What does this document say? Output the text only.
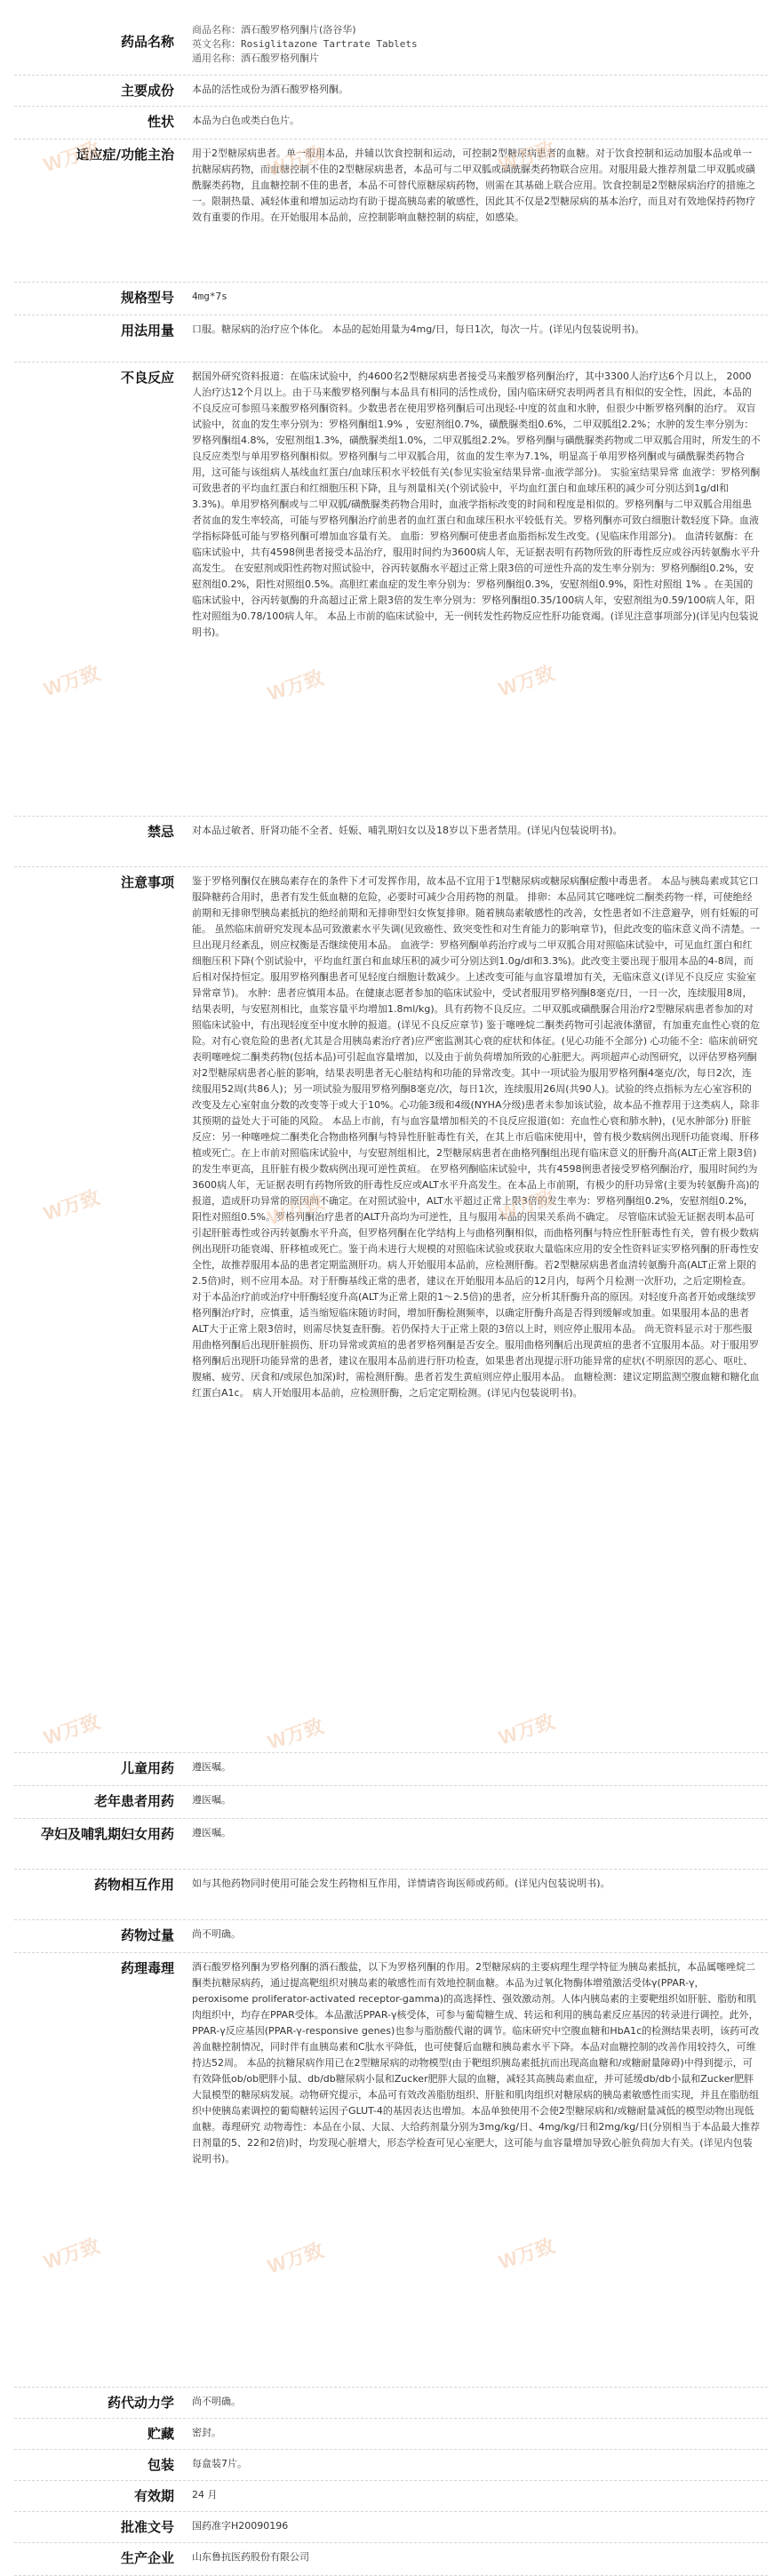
药品名称
商品名称：酒石酸罗格列酮片(洛谷华)
英文名称：Rosiglitazone Tartrate Tablets
通用名称：酒石酸罗格列酮片
主要成份	本品的活性成份为酒石酸罗格列酮。
性状	本品为白色或类白色片。
适应症/功能主治	用于2型糖尿病患者。单一服用本品，并辅以饮食控制和运动，可控制2型糖尿病患者的血糖。对于饮食控制和运动加服本品或单一抗糖尿病药物，而血糖控制不佳的2型糖尿病患者，本品可与二甲双胍或磺酰脲类药物联合应用。对服用最大推荐剂量二甲双胍或磺酰脲类药物，且血糖控制不佳的患者，本品不可替代原糖尿病药物，则需在其基础上联合应用。饮食控制是2型糖尿病治疗的措施之一。限制热量、减轻体重和增加运动均有助于提高胰岛素的敏感性，因此其不仅是2型糖尿病的基本治疗，而且对有效地保持药物疗效有重要的作用。在开始服用本品前，应控制影响血糖控制的病症，如感染。
规格型号	4mg*7s
用法用量	口服。糖尿病的治疗应个体化。 本品的起始用量为4mg/日，每日1次，每次一片。(详见内包装说明书)。
不良反应	据国外研究资料报道：在临床试验中，约4600名2型糖尿病患者接受马来酸罗格列酮治疗，其中3300人治疗达6个月以上， 2000人治疗达12个月以上。由于马来酸罗格列酮与本品具有相同的活性成份，国内临床研究表明两者具有相似的安全性，因此，本品的不良反应可参照马来酸罗格列酮资料。少数患者在使用罗格列酮后可出现轻-中度的贫血和水肿，但很少中断罗格列酮的治疗。 双盲试验中，贫血的发生率分别为：罗格列酮组1.9% ，安慰剂组0.7%，磺酰脲类组0.6%，二甲双胍组2.2%；水肿的发生率分别为：罗格列酮组4.8%，安慰剂组1.3%，磺酰脲类组1.0%，二甲双胍组2.2%。罗格列酮与磺酰脲类药物或二甲双胍合用时，所发生的不良反应类型与单用罗格列酮相似。罗格列酮与二甲双胍合用，贫血的发生率为7.1%，明显高于单用罗格列酮或与磺酰脲类药物合用，这可能与该组病人基线血红蛋白/血球压积水平较低有关(参见实验室结果异常-血液学部分)。 实验室结果异常 血液学：罗格列酮可致患者的平均血红蛋白和红细胞压积下降，且与剂量相关(个别试验中，平均血红蛋白和血球压积的减少可分别达到1g/dl和3.3%)。单用罗格列酮或与二甲双胍/磺酰脲类药物合用时，血液学指标改变的时间和程度是相似的。罗格列酮与二甲双胍合用组患者贫血的发生率较高，可能与罗格列酮治疗前患者的血红蛋白和血球压积水平较低有关。罗格列酮亦可致白细胞计数轻度下降。血液学指标降低可能与罗格列酮可增加血容量有关。 血脂：罗格列酮可使患者血脂指标发生改变。(见临床作用部分)。 血清转氨酶：在临床试验中，共有4598例患者接受本品治疗，服用时间约为3600病人年，无证据表明有药物所致的肝毒性反应或谷丙转氨酶水平升高发生。 在安慰剂或阳性药物对照试验中，谷丙转氨酶水平超过正常上限3倍的可逆性升高的发生率分别为：罗格列酮组0.2%，安慰剂组0.2%，阳性对照组0.5%。高胆红素血症的发生率分别为：罗格列酮组0.3%，安慰剂组0.9%，阳性对照组 1% 。在美国的临床试验中，谷丙转氨酶的升高超过正常上限3倍的发生率分别为：罗格列酮组0.35/100病人年，安慰剂组为0.59/100病人年，阳性对照组为0.78/100病人年。 本品上市前的临床试验中，无一例转发性药物反应性肝功能衰竭。(详见注意事项部分)(详见内包装说明书)。
禁忌	对本品过敏者、肝肾功能不全者、妊娠、哺乳期妇女以及18岁以下患者禁用。(详见内包装说明书)。
注意事项	鉴于罗格列酮仅在胰岛素存在的条件下才可发挥作用，故本品不宜用于1型糖尿病或糖尿病酮症酸中毒患者。 本品与胰岛素或其它口服降糖药合用时，患者有发生低血糖的危险，必要时可减少合用药物的剂量。 排卵：本品同其它噻唑烷二酮类药物一样，可使绝经前期和无排卵型胰岛素抵抗的绝经前期和无排卵型妇女恢复排卵。随着胰岛素敏感性的改善，女性患者如不注意避孕，则有妊娠的可能。 虽然临床前研究发现本品可致激素水平失调(见致癌性、致突变性和对生育能力的影响章节)，但此改变的临床意义尚不清楚。一旦出现月经紊乱，则应权衡是否继续使用本品。 血液学：罗格列酮单药治疗或与二甲双胍合用对照临床试验中，可见血红蛋白和红细胞压积下降(个别试验中，平均血红蛋白和血球压积的减少可分别达到1.0g/dl和3.3%)。此改变主要出现于服用本品的4-8周，而后相对保持恒定。服用罗格列酮患者可见轻度白细胞计数减少。上述改变可能与血容量增加有关，无临床意义(详见不良反应 实验室异常章节)。 水肿：患者应慎用本品。在健康志愿者参加的临床试验中，受试者服用罗格列酮8毫克/日，一日一次，连续服用8周，结果表明，与安慰剂相比，血浆容量平均增加1.8ml/kg)。具有药物不良反应。二甲双胍或磺酰脲合用治疗2型糖尿病患者参加的对照临床试验中，有出现轻度至中度水肿的报道。(详见不良反应章节) 鉴于噻唑烷二酮类药物可引起液体潴留，有加重充血性心衰的危险。对有心衰危险的患者(尤其是合用胰岛素治疗者)应严密监测其心衰的症状和体征。(见心功能不全部分) 心功能不全：临床前研究表明噻唑烷二酮类药物(包括本品)可引起血容量增加，以及由于前负荷增加所致的心脏肥大。两项超声心动图研究，以评估罗格列酮对2型糖尿病患者心脏的影响，结果表明患者无心脏结构和功能的异常改变。其中一项试验为服用罗格列酮4毫克/次，每日2次，连续服用52周(共86人)；另一项试验为服用罗格列酮8毫克/次，每日1次，连续服用26周(共90人)。试验的终点指标为左心室容积的改变及左心室射血分数的改变等于或大于10%。心功能3级和4级(NYHA分级)患者未参加该试验，故本品不推荐用于这类病人，除非其预期的益处大于可能的风险。 本品上市前，有与血容量增加相关的不良反应报道(如：充血性心衰和肺水肿)，(见水肿部分) 肝脏反应：另一种噻唑烷二酮类化合物曲格列酮与特异性肝脏毒性有关，在其上市后临床使用中，曾有极少数病例出现肝功能衰竭、肝移植或死亡。在上市前对照临床试验中，与安慰剂组相比，2型糖尿病患者在曲格列酮组出现有临床意义的肝酶升高(ALT正常上限3倍)的发生率更高，且肝脏有极少数病例出现可逆性黄疸。 在罗格列酮临床试验中，共有4598例患者接受罗格列酮治疗，服用时间约为3600病人年，无证据表明有药物所致的肝毒性反应或ALT水平升高发生。在本品上市前期，有极少的肝功异常(主要为转氨酶升高)的报道，造成肝功异常的原因尚不确定。在对照试验中，ALT水平超过正常上限3倍的发生率为：罗格列酮组0.2%，安慰剂组0.2%，阳性对照组0.5%。罗格列酮治疗患者的ALT升高均为可逆性，且与服用本品的因果关系尚不确定。 尽管临床试验无证据表明本品可引起肝脏毒性或谷丙转氨酶水平升高，但罗格列酮在化学结构上与曲格列酮相似，而曲格列酮与特应性肝脏毒性有关，曾有极少数病例出现肝功能衰竭、肝移植或死亡。鉴于尚未进行大规模的对照临床试验或获取大量临床应用的安全性资料证实罗格列酮的肝毒性安全性，故推荐服用本品的患者定期监测肝功。病人开始服用本品前，应检测肝酶。若2型糖尿病患者血清转氨酶升高(ALT正常上限的2.5倍)时，则不应用本品。对于肝酶基线正常的患者，建议在开始服用本品后的12月内，每两个月检测一次肝功，之后定期检查。对于本品治疗前或治疗中肝酶轻度升高(ALT为正常上限的1～2.5倍)的患者，应分析其肝酶升高的原因。对轻度升高者开始或继续罗格列酮治疗时，应慎重，适当缩短临床随访时间，增加肝酶检测频率，以确定肝酶升高是否得到缓解或加重。如果服用本品的患者ALT大于正常上限3倍时，则需尽快复查肝酶。若仍保持大于正常上限的3倍以上时，则应停止服用本品。 尚无资料显示对于那些服用曲格列酮后出现肝脏损伤、肝功异常或黄疸的患者罗格列酮是否安全。服用曲格列酮后出现黄疸的患者不宜服用本品。对于服用罗格列酮后出现肝功能异常的患者，建议在服用本品前进行肝功检查，如果患者出现提示肝功能异常的症状(不明原因的恶心、呕吐、腹痛、疲劳、厌食和/或尿色加深)时，需检测肝酶。患者若发生黄疸则应停止服用本品。 血糖检测：建议定期监测空腹血糖和糖化血红蛋白A1c。 病人开始服用本品前，应检测肝酶，之后定定期检测。(详见内包装说明书)。
儿童用药	遵医嘱。
老年患者用药	遵医嘱。
孕妇及哺乳期妇女用药	遵医嘱。
药物相互作用	如与其他药物同时使用可能会发生药物相互作用，详情请咨询医师或药师。(详见内包装说明书)。
药物过量	尚不明确。
药理毒理	酒石酸罗格列酮为罗格列酮的酒石酸盐，以下为罗格列酮的作用。2型糖尿病的主要病理生理学特征为胰岛素抵抗，本品属噻唑烷二酮类抗糖尿病药，通过提高靶组织对胰岛素的敏感性而有效地控制血糖。本品为过氧化物酶体增殖激活受体γ(PPAR-γ，peroxisome proliferator-activated receptor-gamma)的高选择性、强效激动剂。人体内胰岛素的主要靶组织如肝脏、脂肪和肌肉组织中，均存在PPAR受体。本品激活PPAR-γ核受体，可参与葡萄糖生成、转运和利用的胰岛素反应基因的转录进行调控。此外，PPAR-γ反应基因(PPAR-γ-responsive genes)也参与脂肪酸代谢的调节。临床研究中空腹血糖和HbA1c的检测结果表明，该药可改善血糖控制情况，同时伴有血胰岛素和C肽水平降低，也可使餐后血糖和胰岛素水平下降。本品对血糖控制的改善作用较持久，可维持达52周。 本品的抗糖尿病作用已在2型糖尿病的动物模型(由于靶组织胰岛素抵抗而出现高血糖和/或糖耐量障碍)中得到提示，可有效降低ob/ob肥胖小鼠、db/db糖尿病小鼠和Zucker肥胖大鼠的血糖，减轻其高胰岛素血症，并可延缓db/db小鼠和Zucker肥胖大鼠模型的糖尿病发展。动物研究提示，本品可有效改善脂肪组织、肝脏和肌肉组织对糖尿病的胰岛素敏感性而实现，并且在脂肪组织中使胰岛素调控的葡萄糖转运因子GLUT-4的基因表达也增加。本品单独使用不会使2型糖尿病和/或糖耐量减低的模型动物出现低血糖。毒理研究 动物毒性：本品在小鼠、大鼠、大给药剂量分别为3mg/kg/日、4mg/kg/日和2mg/kg/日(分别相当于本品最大推荐日剂量的5、22和2倍)时，均发现心脏增大，形态学检查可见心室肥大，这可能与血容量增加导致心脏负荷加大有关。(详见内包装说明书)。
药代动力学	尚不明确。
贮藏	密封。
包装	每盒装7片。
有效期	24 月
批准文号	国药准字H20090196
生产企业	山东鲁抗医药股份有限公司
W万致	W万致	W万致
W万致	W万致	W万致
W万致	W万致	W万致
W万致	W万致	W万致
W万致	W万致	W万致
